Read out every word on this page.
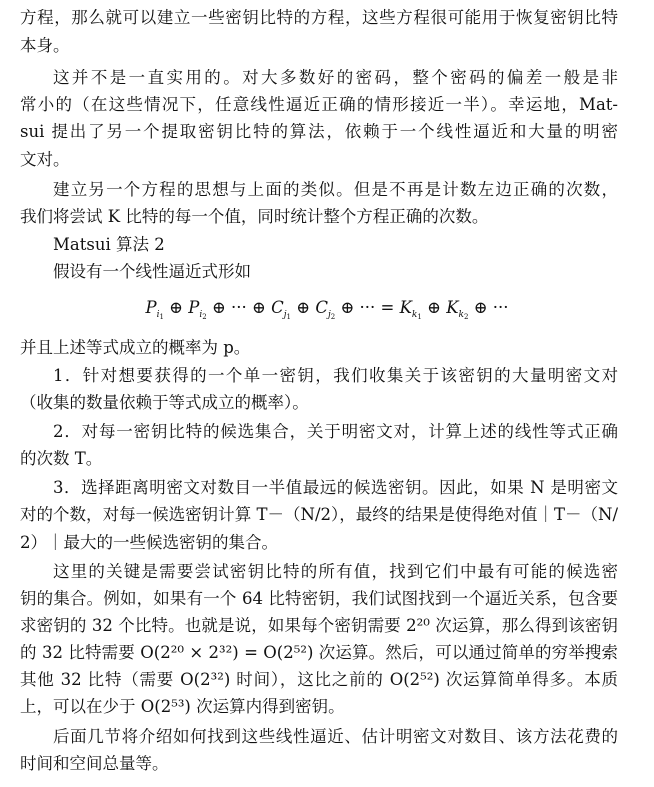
方程，那么就可以建立一些密钥比特的方程，这些方程很可能用于恢复密钥比特
本身。
这并不是一直实用的。对大多数好的密码，整个密码的偏差一般是非
常小的（在这些情况下，任意线性逼近正确的情形接近一半）。幸运地，Mat-
sui 提出了另一个提取密钥比特的算法，依赖于一个线性逼近和大量的明密
文对。
建立另一个方程的思想与上面的类似。但是不再是计数左边正确的次数，
我们将尝试 K 比特的每一个值，同时统计整个方程正确的次数。
Matsui 算法 2
假设有一个线性逼近式形如
$P_{i_1}$ ⊕ $P_{i_2}$ ⊕ ··· ⊕ $C_{j_1}$ ⊕ $C_{j_2}$ ⊕ ··· = $K_{k_1}$ ⊕ $K_{k_2}$ ⊕ ···
并且上述等式成立的概率为 p。
1．针对想要获得的一个单一密钥，我们收集关于该密钥的大量明密文对
（收集的数量依赖于等式成立的概率）。
2．对每一密钥比特的候选集合，关于明密文对，计算上述的线性等式正确
的次数 T。
3．选择距离明密文对数目一半值最远的候选密钥。因此，如果 N 是明密文
对的个数，对每一候选密钥计算 T－（N/2），最终的结果是使得绝对值｜T－（N/
2）｜最大的一些候选密钥的集合。
这里的关键是需要尝试密钥比特的所有值，找到它们中最有可能的候选密
钥的集合。例如，如果有一个 64 比特密钥，我们试图找到一个逼近关系，包含要
求密钥的 32 个比特。也就是说，如果每个密钥需要 2²⁰ 次运算，那么得到该密钥
的 32 比特需要 O(2²⁰ × 2³²) = O(2⁵²) 次运算。然后，可以通过简单的穷举搜索
其他 32 比特（需要 O(2³²) 时间），这比之前的 O(2⁵²) 次运算简单得多。本质
上，可以在少于 O(2⁵³) 次运算内得到密钥。
后面几节将介绍如何找到这些线性逼近、估计明密文对数目、该方法花费的
时间和空间总量等。
